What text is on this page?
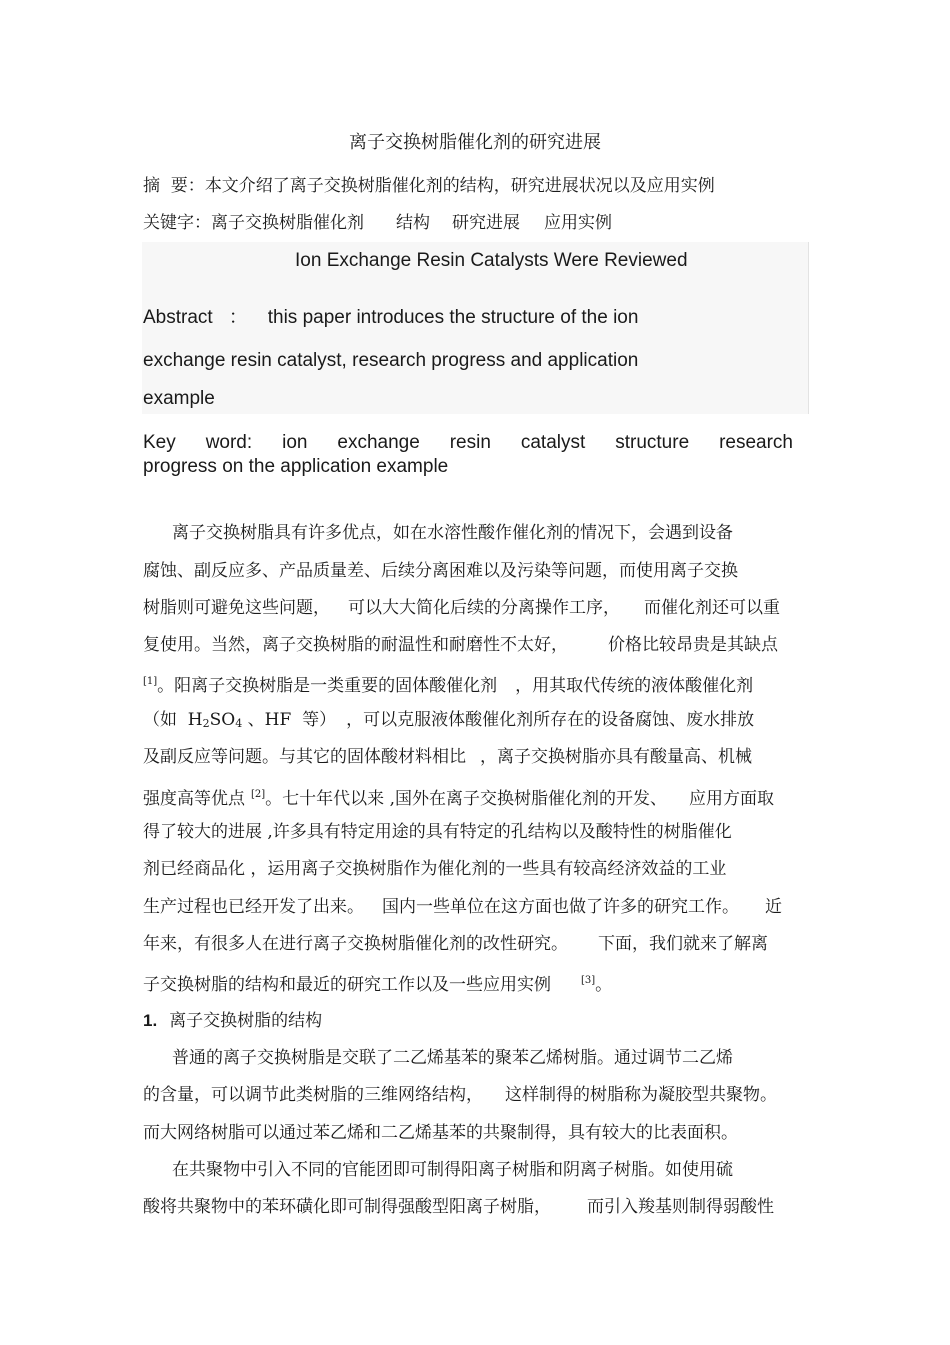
离子交换树脂催化剂的研究进展
摘  要：本文介绍了离子交换树脂催化剂的结构，研究进展状况以及应用实例
关键字：离子交换树脂催化剂 结构 研究进展 应用实例
Ion Exchange Resin Catalysts Were Reviewed
Abstract ： this paper introduces the structure of the ion
exchange resin catalyst, research progress and application
example
Key word: ion exchange resin catalyst structure research
progress on the application example
离子交换树脂具有许多优点，如在水溶性酸作催化剂的情况下，会遇到设备
腐蚀、副反应多、产品质量差、后续分离困难以及污染等问题，而使用离子交换
树脂则可避免这些问题， 可以大大简化后续的分离操作工序， 而催化剂还可以重
复使用。当然，离子交换树脂的耐温性和耐磨性不太好， 价格比较昂贵是其缺点
[1]。阳离子交换树脂是一类重要的固体酸催化剂 ，用其取代传统的液体酸催化剂
（如  $H_2SO_4$ 、HF  等） ，可以克服液体酸催化剂所存在的设备腐蚀、废水排放
及副反应等问题。与其它的固体酸材料相比 ，离子交换树脂亦具有酸量高、机械
强度高等优点 [2]。七十年代以来 ,国外在离子交换树脂催化剂的开发、 应用方面取
得了较大的进展 ,许多具有特定用途的具有特定的孔结构以及酸特性的树脂催化
剂已经商品化 ，运用离子交换树脂作为催化剂的一些具有较高经济效益的工业
生产过程也已经开发了出来。 国内一些单位在这方面也做了许多的研究工作。 近
年来，有很多人在进行离子交换树脂催化剂的改性研究。 下面，我们就来了解离
子交换树脂的结构和最近的研究工作以及一些应用实例	[3]。
1. 离子交换树脂的结构
普通的离子交换树脂是交联了二乙烯基苯的聚苯乙烯树脂。通过调节二乙烯
的含量，可以调节此类树脂的三维网络结构， 这样制得的树脂称为凝胶型共聚物。
而大网络树脂可以通过苯乙烯和二乙烯基苯的共聚制得，具有较大的比表面积。
在共聚物中引入不同的官能团即可制得阳离子树脂和阴离子树脂。如使用硫
酸将共聚物中的苯环磺化即可制得强酸型阳离子树脂， 而引入羧基则制得弱酸性
